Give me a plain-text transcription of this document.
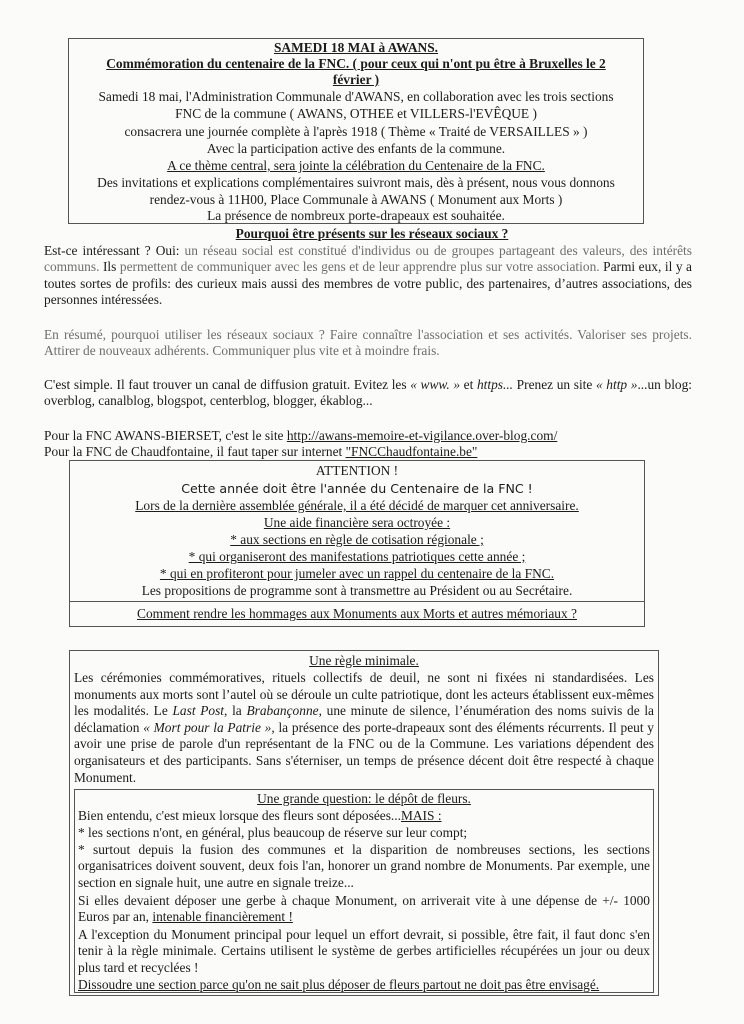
SAMEDI 18 MAI à AWANS.
Commémoration du centenaire de la FNC. ( pour ceux qui n'ont pu être à Bruxelles le 2
février )
Samedi 18 mai, l'Administration Communale d'AWANS, en collaboration avec les trois sections
FNC de la commune ( AWANS, OTHEE et VILLERS-l'EVÊQUE )
consacrera une journée complète à l'après 1918 ( Thème « Traité de VERSAILLES » )
Avec la participation active des enfants de la commune.
A ce thème central, sera jointe la célébration du Centenaire de la FNC.
Des invitations et explications complémentaires suivront mais, dès à présent, nous vous donnons
rendez-vous à 11H00, Place Communale à AWANS ( Monument aux Morts )
La présence de nombreux porte-drapeaux est souhaitée.
Pourquoi être présents sur les réseaux sociaux ?

Est-ce intéressant ? Oui: un réseau social est constitué d'individus ou de groupes partageant des valeurs, des intérêts communs. Ils permettent de communiquer avec les gens et de leur apprendre plus sur votre association. Parmi eux, il y a toutes sortes de profils: des curieux mais aussi des membres de votre public, des partenaires, d’autres associations, des personnes intéressées.

En résumé, pourquoi utiliser les réseaux sociaux ? Faire connaître l'association et ses activités. Valoriser ses projets. Attirer de nouveaux adhérents. Communiquer plus vite et à moindre frais.

C'est simple. Il faut trouver un canal de diffusion gratuit. Evitez les « www. » et https... Prenez un site « http »...un blog: overblog, canalblog, blogspot, centerblog, blogger, ékablog...

Pour la FNC AWANS-BIERSET, c'est le site http://awans-memoire-et-vigilance.over-blog.com/
Pour la FNC de Chaudfontaine, il faut taper sur internet "FNCChaudfontaine.be"
ATTENTION !
Cette année doit être l'année du Centenaire de la FNC !
Lors de la dernière assemblée générale, il a été décidé de marquer cet anniversaire.
Une aide financière sera octroyée :
* aux sections en règle de cotisation régionale ;
* qui organiseront des manifestations patriotiques cette année ;
* qui en profiteront pour jumeler avec un rappel du centenaire de la FNC.
Les propositions de programme sont à transmettre au Président ou au Secrétaire.
Comment rendre les hommages aux Monuments aux Morts et autres mémoriaux ?
Une règle minimale.

Les cérémonies commémoratives, rituels collectifs de deuil, ne sont ni fixées ni standardisées. Les monuments aux morts sont l’autel où se déroule un culte patriotique, dont les acteurs établissent eux-mêmes les modalités. Le Last Post, la Brabançonne, une minute de silence, l’énumération des noms suivis de la déclamation « Mort pour la Patrie », la présence des porte-drapeaux sont des éléments récurrents. Il peut y avoir une prise de parole d'un représentant de la FNC ou de la Commune. Les variations dépendent des organisateurs et des participants. Sans s'éterniser, un temps de présence décent doit être respecté à chaque Monument.

Une grande question: le dépôt de fleurs.
Bien entendu, c'est mieux lorsque des fleurs sont déposées...MAIS :
* les sections n'ont, en général, plus beaucoup de réserve sur leur compt;

* surtout depuis la fusion des communes et la disparition de nombreuses sections, les sections organisatrices doivent souvent, deux fois l'an, honorer un grand nombre de Monuments. Par exemple, une section en signale huit, une autre en signale treize...

Si elles devaient déposer une gerbe à chaque Monument, on arriverait vite à une dépense de +/- 1000 Euros par an, intenable financièrement !

A l'exception du Monument principal pour lequel un effort devrait, si possible, être fait, il faut donc s'en tenir à la règle minimale. Certains utilisent le système de gerbes artificielles récupérées un jour ou deux plus tard et recyclées !

Dissoudre une section parce qu'on ne sait plus déposer de fleurs partout ne doit pas être envisagé.
